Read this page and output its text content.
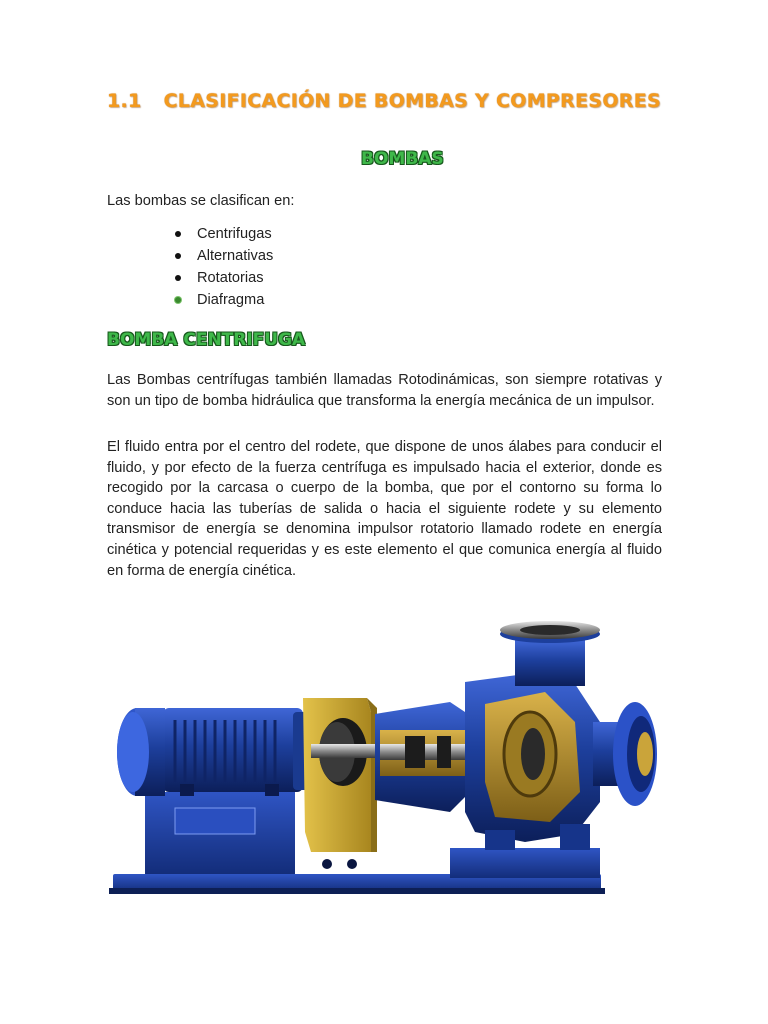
1.1 CLASIFICACIÓN DE BOMBAS Y COMPRESORES
BOMBAS

Las bombas se clasifican en:

Centrifugas
Alternativas
Rotatorias
Diafragma
BOMBA CENTRIFUGA

Las Bombas centrífugas también llamadas Rotodinámicas, son siempre rotativas y son un tipo de bomba hidráulica que transforma la energía mecánica de un impulsor.

El fluido entra por el centro del rodete, que dispone de unos álabes para conducir el fluido, y por efecto de la fuerza centrífuga es impulsado hacia el exterior, donde es recogido por la carcasa o cuerpo de la bomba, que por el contorno su forma lo conduce hacia las tuberías de salida o hacia el siguiente rodete y su elemento transmisor de energía se denomina impulsor rotatorio llamado rodete en energía cinética y potencial requeridas y es este elemento el que comunica energía al fluido en forma de energía cinética.
